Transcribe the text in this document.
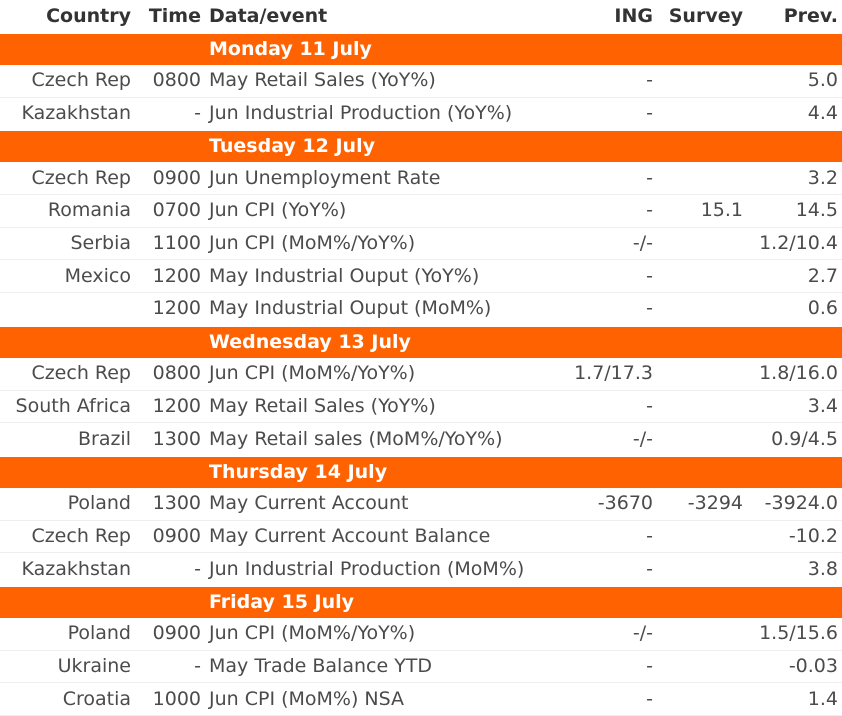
Country	Time	Data/event	ING	Survey	Prev.
		Monday 11 July			
Czech Rep	0800	May Retail Sales (YoY%)	-		5.0
Kazakhstan	-	Jun Industrial Production (YoY%)	-		4.4
		Tuesday 12 July			
Czech Rep	0900	Jun Unemployment Rate	-		3.2
Romania	0700	Jun CPI (YoY%)	-	15.1	14.5
Serbia	1100	Jun CPI (MoM%/YoY%)	-/-		1.2/10.4
Mexico	1200	May Industrial Ouput (YoY%)	-		2.7
	1200	May Industrial Ouput (MoM%)	-		0.6
		Wednesday 13 July			
Czech Rep	0800	Jun CPI (MoM%/YoY%)	1.7/17.3		1.8/16.0
South Africa	1200	May Retail Sales (YoY%)	-		3.4
Brazil	1300	May Retail sales (MoM%/YoY%)	-/-		0.9/4.5
		Thursday 14 July			
Poland	1300	May Current Account	-3670	-3294	-3924.0
Czech Rep	0900	May Current Account Balance	-		-10.2
Kazakhstan	-	Jun Industrial Production (MoM%)	-		3.8
		Friday 15 July			
Poland	0900	Jun CPI (MoM%/YoY%)	-/-		1.5/15.6
Ukraine	-	May Trade Balance YTD	-		-0.03
Croatia	1000	Jun CPI (MoM%) NSA	-		1.4
